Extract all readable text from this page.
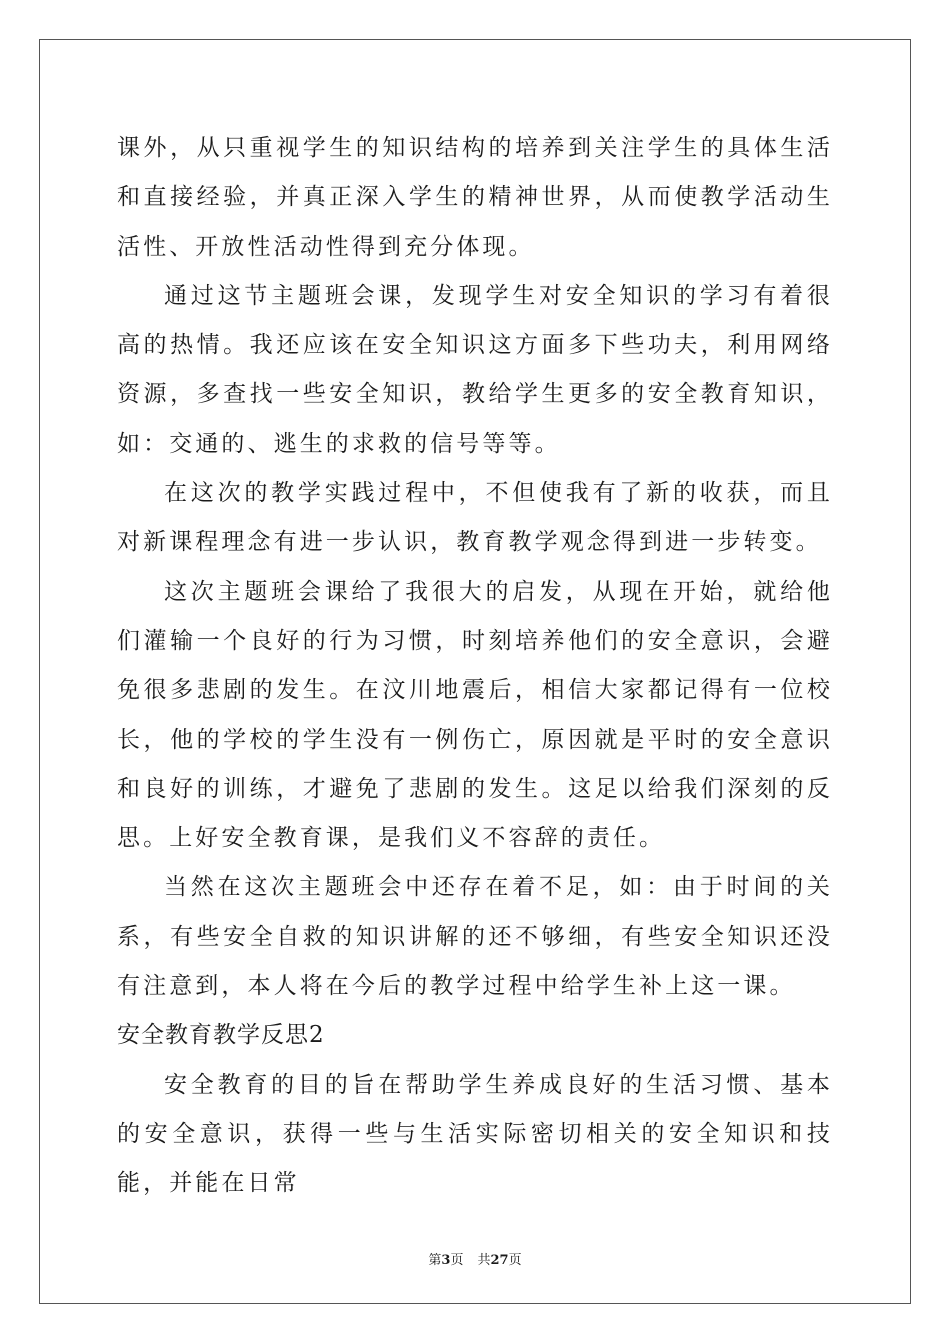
课外，从只重视学生的知识结构的培养到关注学生的具体生活和直接经验，并真正深入学生的精神世界，从而使教学活动生活性、开放性活动性得到充分体现。

通过这节主题班会课，发现学生对安全知识的学习有着很高的热情。我还应该在安全知识这方面多下些功夫，利用网络资源，多查找一些安全知识，教给学生更多的安全教育知识，如：交通的、逃生的求救的信号等等。

在这次的教学实践过程中，不但使我有了新的收获，而且对新课程理念有进一步认识，教育教学观念得到进一步转变。

这次主题班会课给了我很大的启发，从现在开始，就给他们灌输一个良好的行为习惯，时刻培养他们的安全意识，会避免很多悲剧的发生。在汶川地震后，相信大家都记得有一位校长，他的学校的学生没有一例伤亡，原因就是平时的安全意识和良好的训练，才避免了悲剧的发生。这足以给我们深刻的反思。上好安全教育课，是我们义不容辞的责任。

当然在这次主题班会中还存在着不足，如：由于时间的关系，有些安全自救的知识讲解的还不够细，有些安全知识还没有注意到，本人将在今后的教学过程中给学生补上这一课。

安全教育教学反思2

安全教育的目的旨在帮助学生养成良好的生活习惯、基本的安全意识，获得一些与生活实际密切相关的安全知识和技能，并能在日常

第3页 共27页
